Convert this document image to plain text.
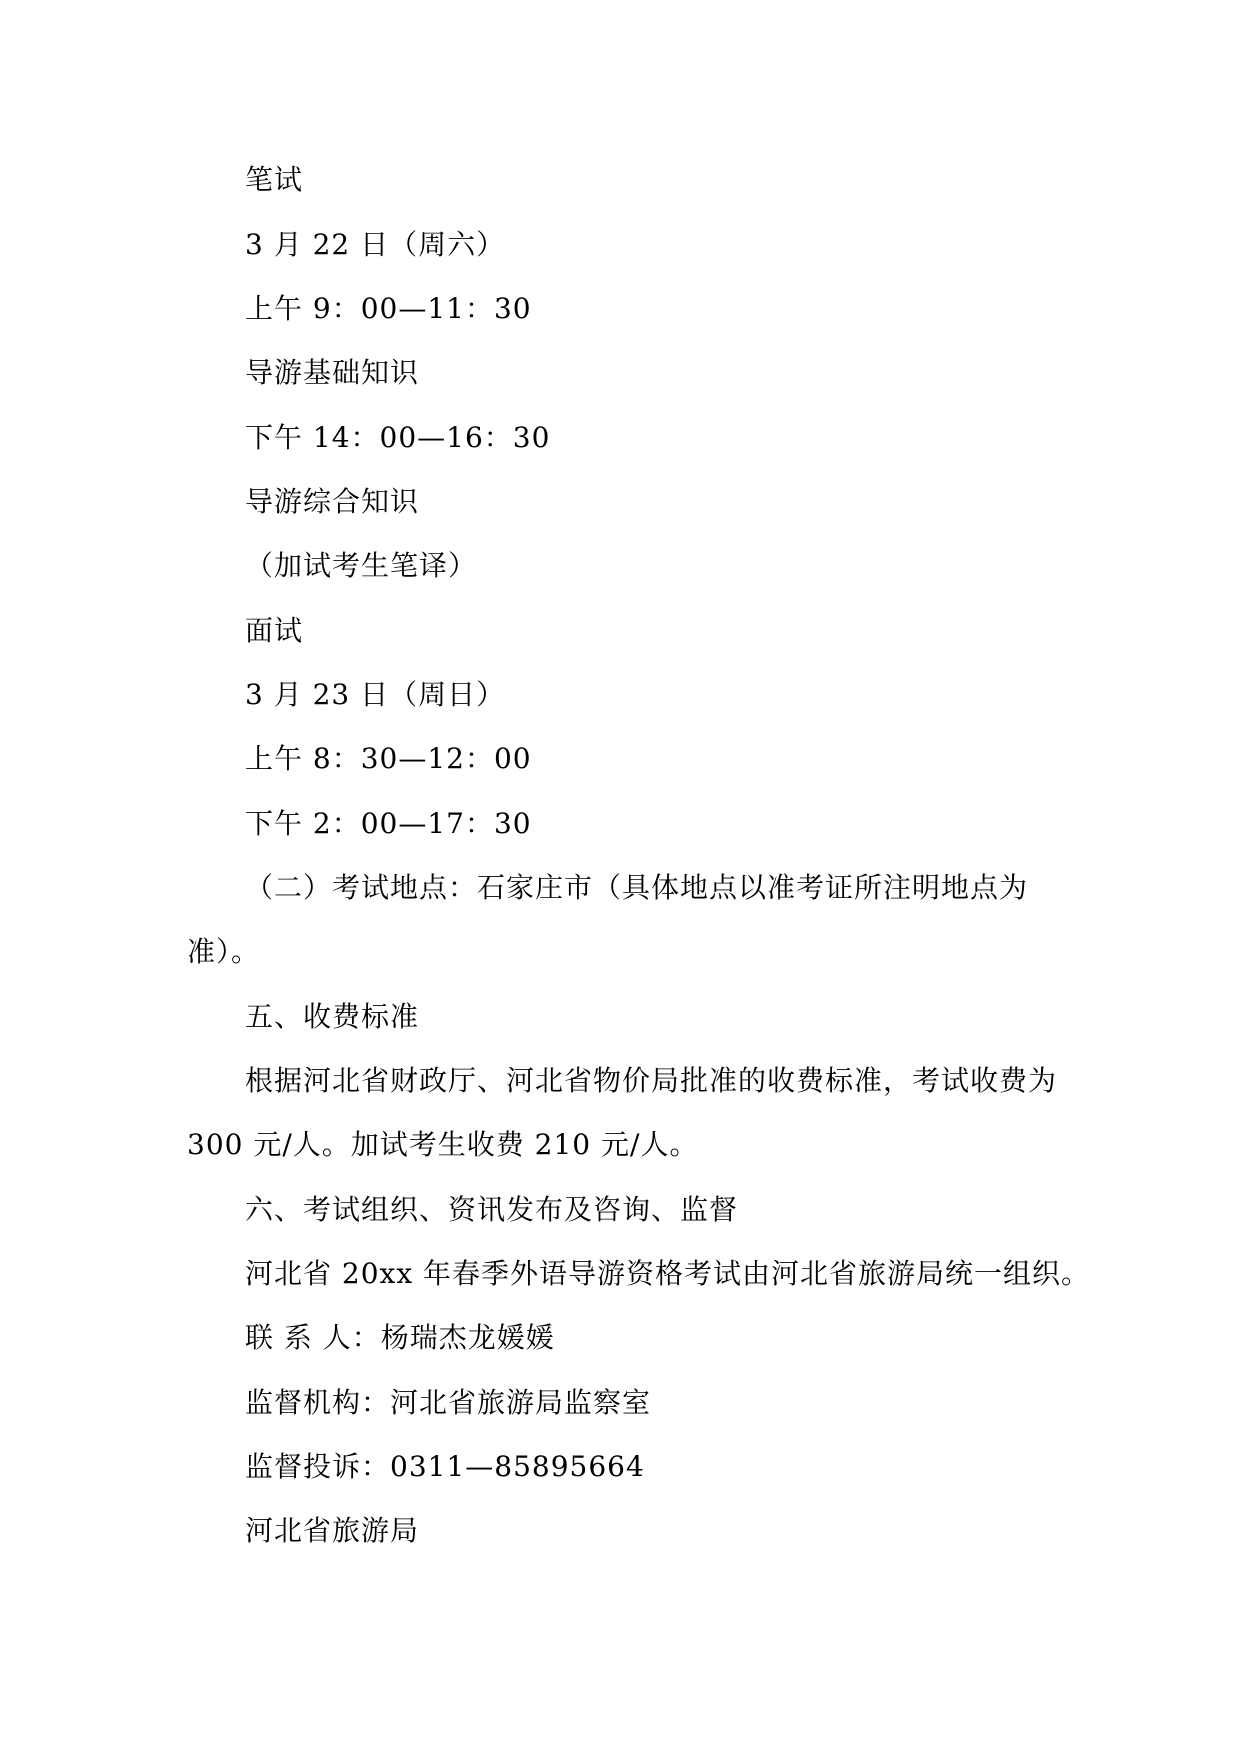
笔试
3 月 22 日（周六）
上午 9：00—11：30
导游基础知识
下午 14：00—16：30
导游综合知识
（加试考生笔译）
面试
3 月 23 日（周日）
上午 8：30—12：00
下午 2：00—17：30
（二）考试地点：石家庄市（具体地点以准考证所注明地点为
准）。
五、收费标准
根据河北省财政厅、河北省物价局批准的收费标准，考试收费为
300 元/人。加试考生收费 210 元/人。
六、考试组织、资讯发布及咨询、监督
河北省 20xx 年春季外语导游资格考试由河北省旅游局统一组织。
联 系 人：杨瑞杰龙媛媛
监督机构：河北省旅游局监察室
监督投诉：0311—85895664
河北省旅游局
